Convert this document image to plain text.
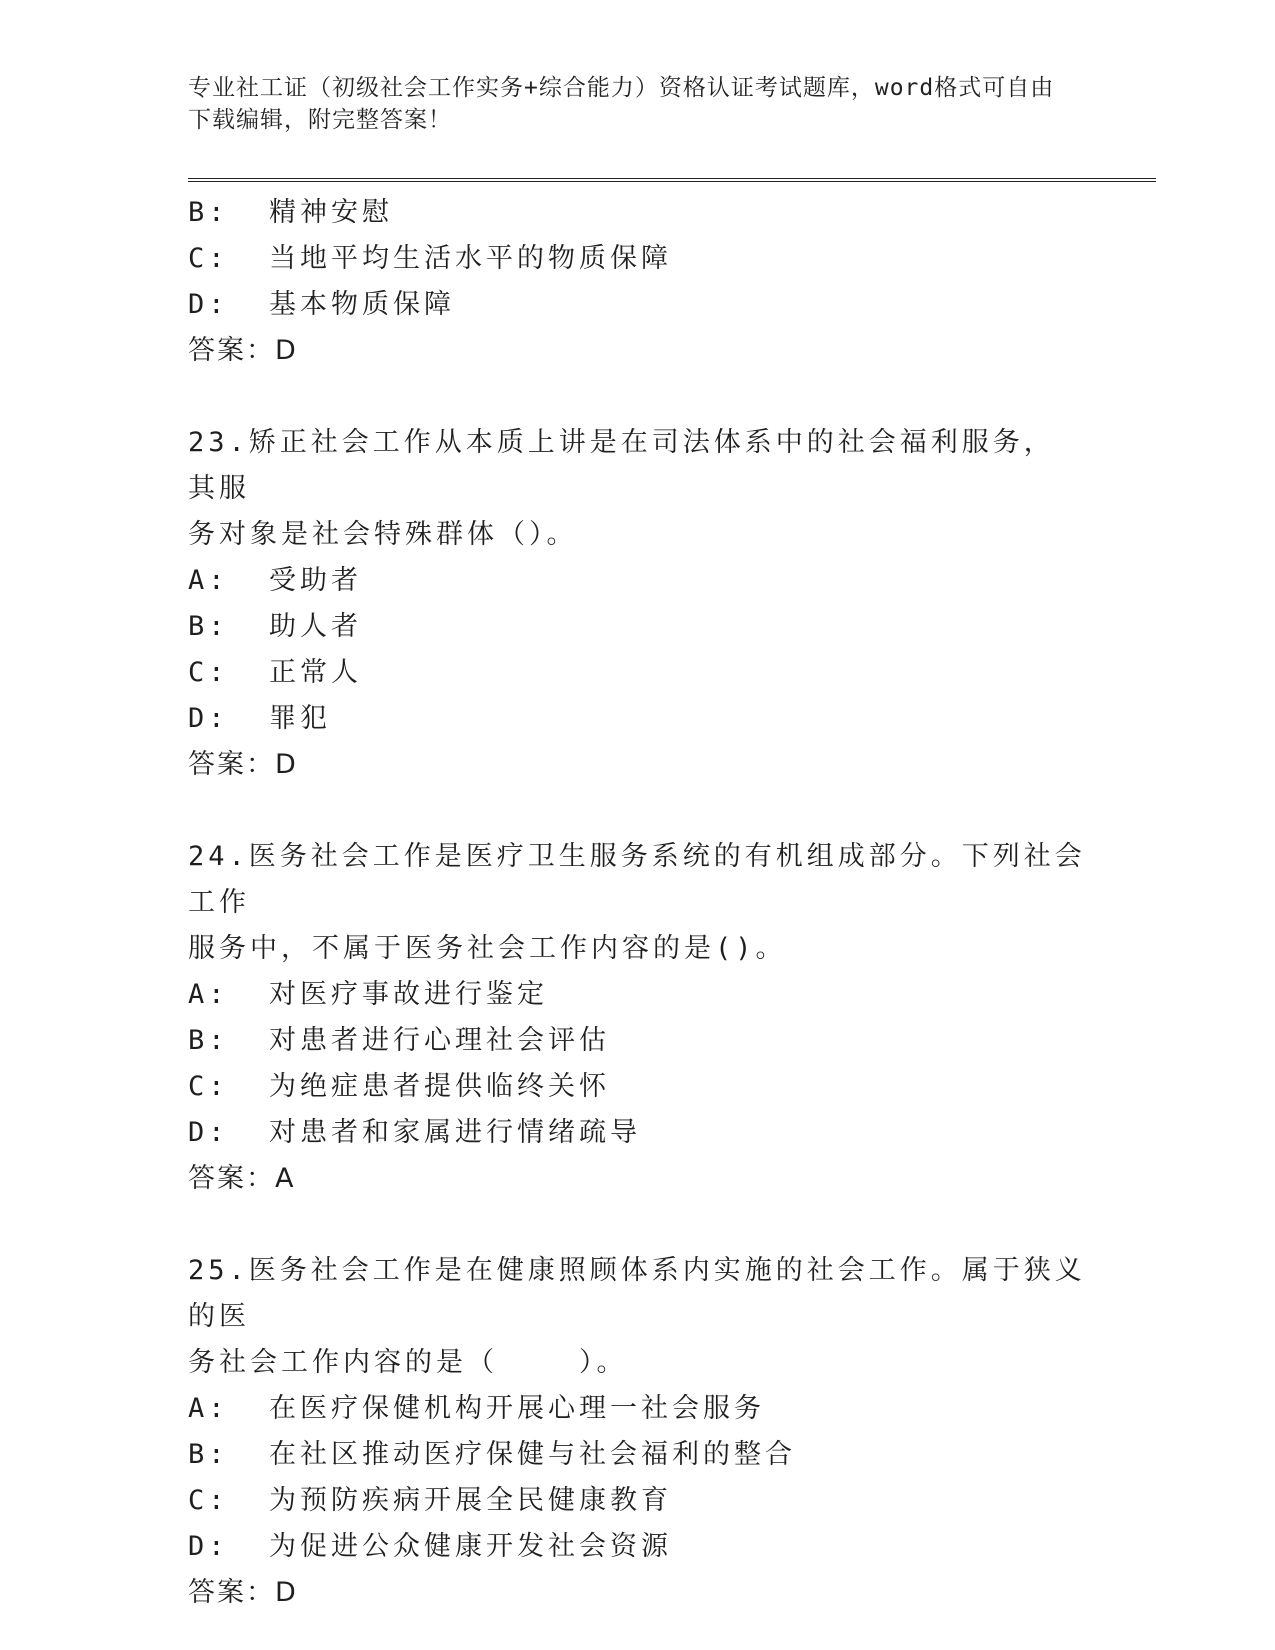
专业社工证（初级社会工作实务+综合能力）资格认证考试题库，word格式可自由
下载编辑，附完整答案！
B:  精神安慰
C:  当地平均生活水平的物质保障
D:  基本物质保障
答案：D
23.矫正社会工作从本质上讲是在司法体系中的社会福利服务，  其服
务对象是社会特殊群体（）。
A:  受助者
B:  助人者
C:  正常人
D:  罪犯
答案：D
24.医务社会工作是医疗卫生服务系统的有机组成部分。下列社会工作
服务中，不属于医务社会工作内容的是()。
A:  对医疗事故进行鉴定
B:  对患者进行心理社会评估
C:  为绝症患者提供临终关怀
D:  对患者和家属进行情绪疏导
答案：A
25.医务社会工作是在健康照顾体系内实施的社会工作。属于狭义的医
务社会工作内容的是（    ）。
A:  在医疗保健机构开展心理一社会服务
B:  在社区推动医疗保健与社会福利的整合
C:  为预防疾病开展全民健康教育
D:  为促进公众健康开发社会资源
答案：D
